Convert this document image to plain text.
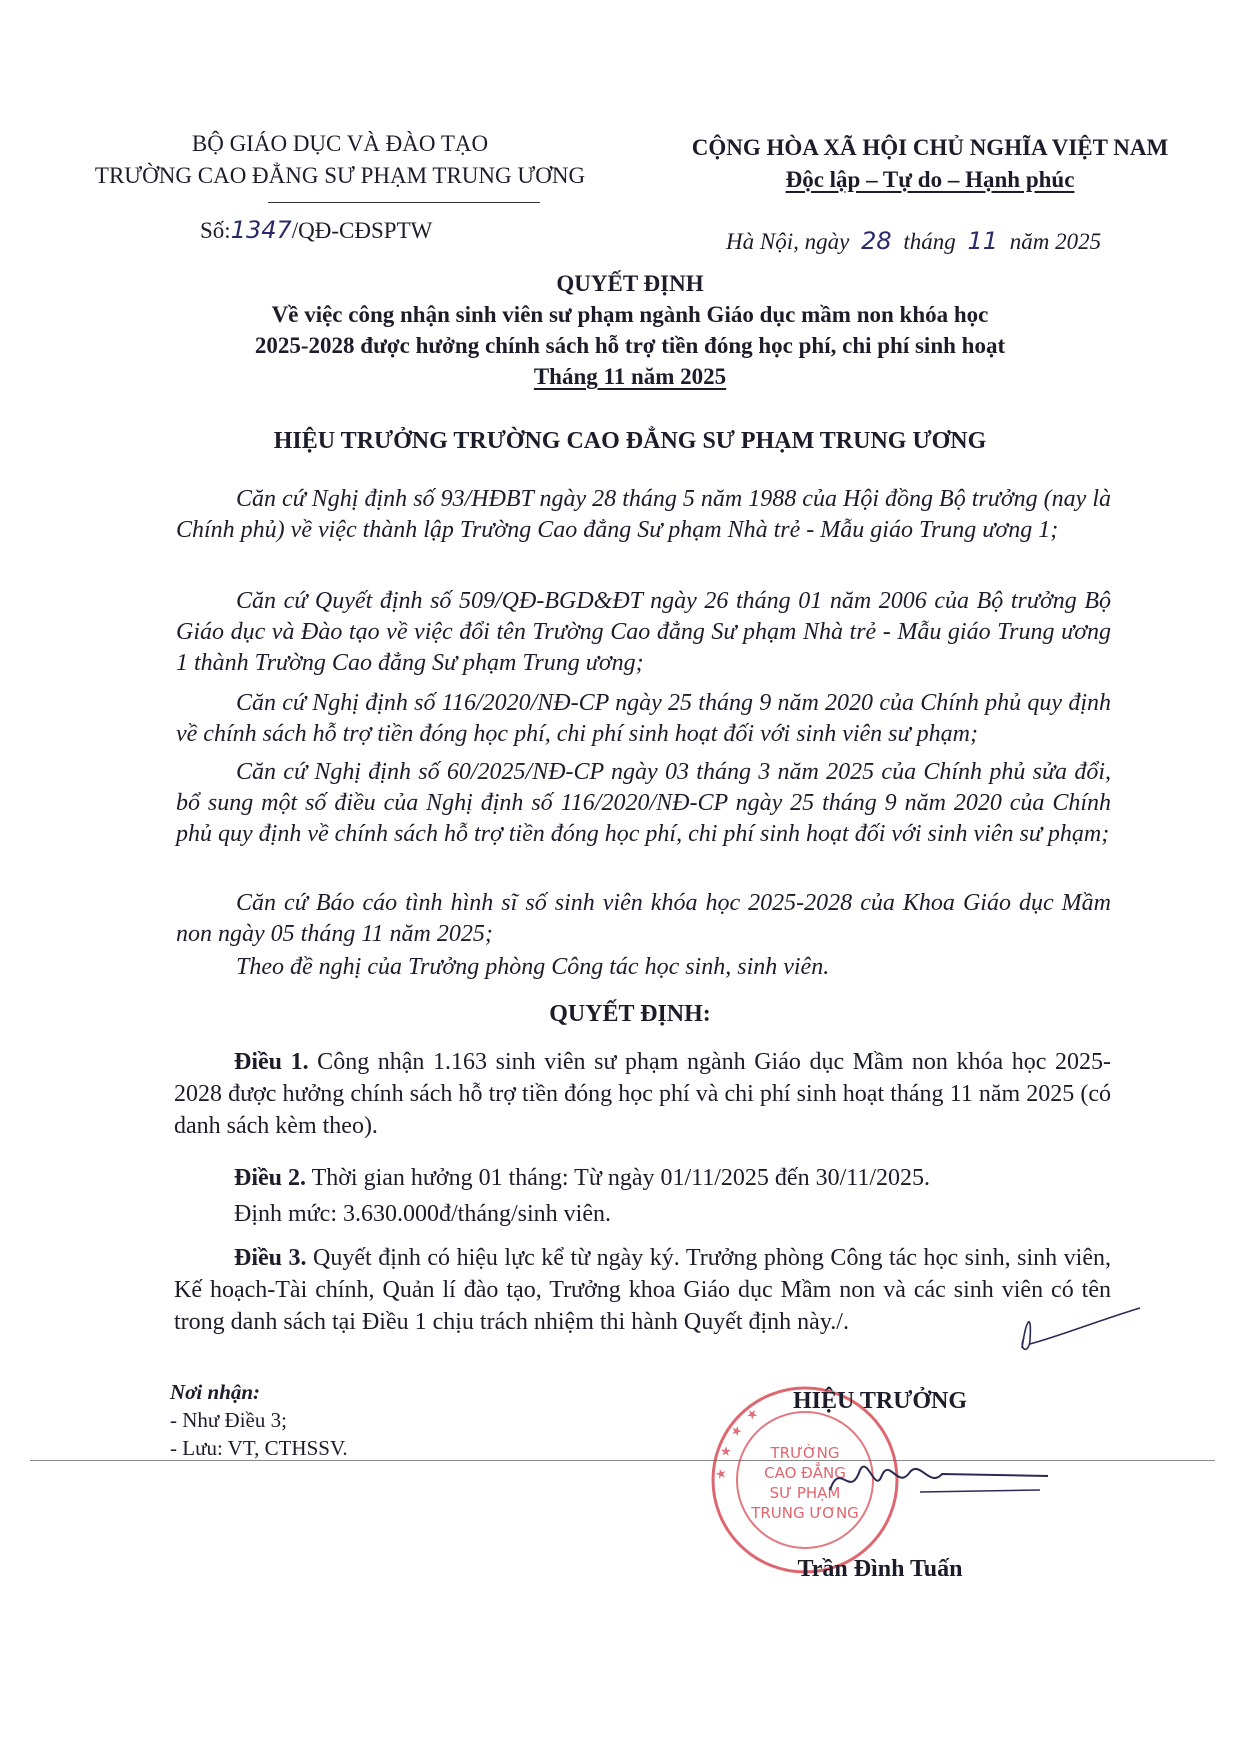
BỘ GIÁO DỤC VÀ ĐÀO TẠO
TRƯỜNG CAO ĐẲNG SƯ PHẠM TRUNG ƯƠNG
CỘNG HÒA XÃ HỘI CHỦ NGHĨA VIỆT NAM
Độc lập – Tự do – Hạnh phúc
Số:1347/QĐ-CĐSPTW	Hà Nội, ngày 28 tháng 11 năm 2025
QUYẾT ĐỊNH
Về việc công nhận sinh viên sư phạm ngành Giáo dục mầm non khóa học
2025-2028 được hưởng chính sách hỗ trợ tiền đóng học phí, chi phí sinh hoạt
Tháng 11 năm 2025
HIỆU TRƯỞNG TRƯỜNG CAO ĐẲNG SƯ PHẠM TRUNG ƯƠNG
Căn cứ Nghị định số 93/HĐBT ngày 28 tháng 5 năm 1988 của Hội đồng Bộ trưởng (nay là Chính phủ) về việc thành lập Trường Cao đẳng Sư phạm Nhà trẻ - Mẫu giáo Trung ương 1;
Căn cứ Quyết định số 509/QĐ-BGD&ĐT ngày 26 tháng 01 năm 2006 của Bộ trưởng Bộ Giáo dục và Đào tạo về việc đổi tên Trường Cao đẳng Sư phạm Nhà trẻ - Mẫu giáo Trung ương 1 thành Trường Cao đẳng Sư phạm Trung ương;
Căn cứ Nghị định số 116/2020/NĐ-CP ngày 25 tháng 9 năm 2020 của Chính phủ quy định về chính sách hỗ trợ tiền đóng học phí, chi phí sinh hoạt đối với sinh viên sư phạm;
Căn cứ Nghị định số 60/2025/NĐ-CP ngày 03 tháng 3 năm 2025 của Chính phủ sửa đổi, bổ sung một số điều của Nghị định số 116/2020/NĐ-CP ngày 25 tháng 9 năm 2020 của Chính phủ quy định về chính sách hỗ trợ tiền đóng học phí, chi phí sinh hoạt đối với sinh viên sư phạm;
Căn cứ Báo cáo tình hình sĩ số sinh viên khóa học 2025-2028 của Khoa Giáo dục Mầm non ngày 05 tháng 11 năm 2025;
Theo đề nghị của Trưởng phòng Công tác học sinh, sinh viên.
QUYẾT ĐỊNH:
Điều 1. Công nhận 1.163 sinh viên sư phạm ngành Giáo dục Mầm non khóa học 2025-2028 được hưởng chính sách hỗ trợ tiền đóng học phí và chi phí sinh hoạt tháng 11 năm 2025 (có danh sách kèm theo).
Điều 2. Thời gian hưởng 01 tháng: Từ ngày 01/11/2025 đến 30/11/2025.
Định mức: 3.630.000đ/tháng/sinh viên.
Điều 3. Quyết định có hiệu lực kể từ ngày ký. Trưởng phòng Công tác học sinh, sinh viên, Kế hoạch-Tài chính, Quản lí đào tạo, Trưởng khoa Giáo dục Mầm non và các sinh viên có tên trong danh sách tại Điều 1 chịu trách nhiệm thi hành Quyết định này./.
Nơi nhận:
- Như Điều 3;
- Lưu: VT, CTHSSV.
★ ★ ★ ★
TRƯỜNG
CAO ĐẲNG
SƯ PHẠM
TRUNG ƯƠNG
HIỆU TRƯỞNG
Trần Đình Tuấn
